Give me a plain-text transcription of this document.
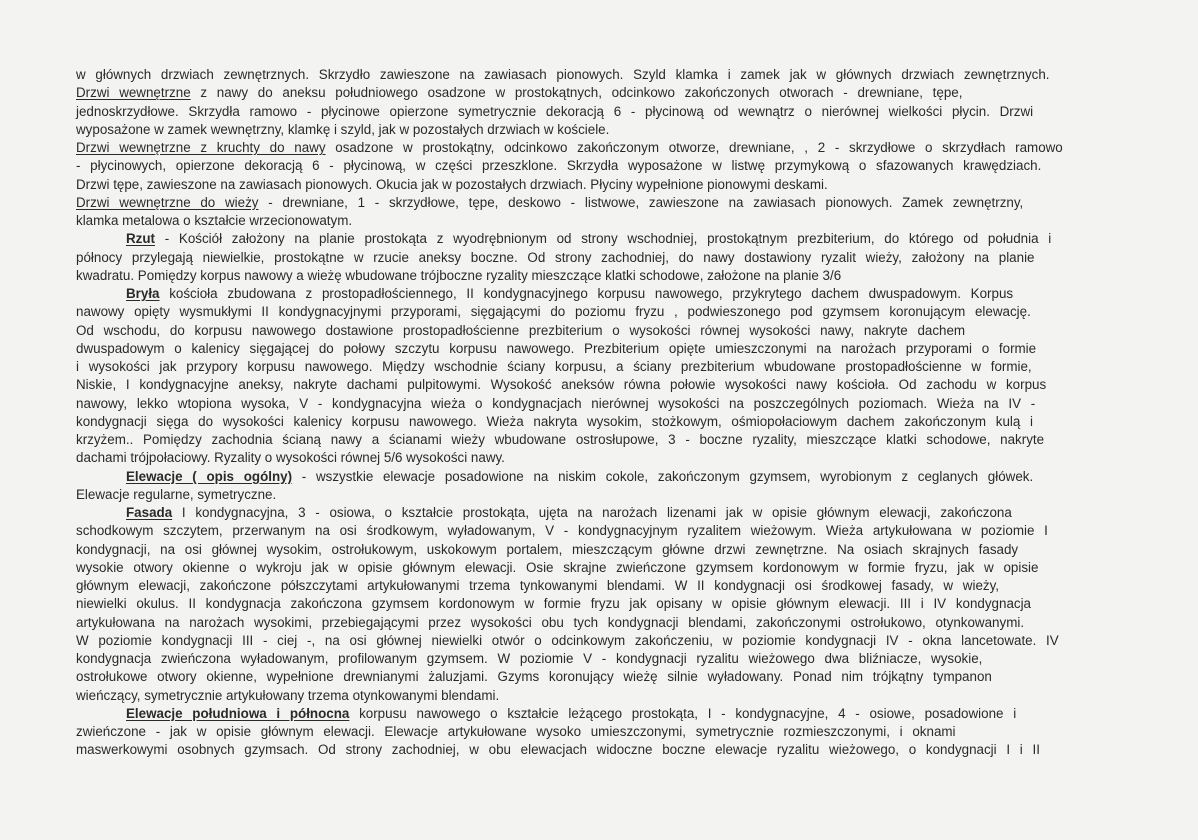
w głównych drzwiach zewnętrznych. Skrzydło zawieszone na zawiasach pionowych. Szyld klamka i zamek jak w głównych drzwiach zewnętrznych.
Drzwi wewnętrzne z nawy do aneksu południowego osadzone w prostokątnych, odcinkowo zakończonych otworach - drewniane, tępe,
jednoskrzydłowe. Skrzydła ramowo - płycinowe opierzone symetrycznie dekoracją 6 - płycinową od wewnątrz o nierównej wielkości płycin. Drzwi
wyposażone w zamek wewnętrzny, klamkę i szyld, jak w pozostałych drzwiach w kościele.
Drzwi wewnętrzne z kruchty do nawy osadzone w prostokątny, odcinkowo zakończonym otworze, drewniane, , 2 - skrzydłowe o skrzydłach ramowo
- płycinowych, opierzone dekoracją 6 - płycinową, w części przeszklone. Skrzydła wyposażone w listwę przymykową o sfazowanych krawędziach.
Drzwi tępe, zawieszone na zawiasach pionowych. Okucia jak w pozostałych drzwiach. Płyciny wypełnione pionowymi deskami.
Drzwi wewnętrzne do wieży - drewniane, 1 - skrzydłowe, tępe, deskowo - listwowe, zawieszone na zawiasach pionowych. Zamek zewnętrzny,
klamka metalowa o kształcie wrzecionowatym.
Rzut - Kościół założony na planie prostokąta z wyodrębnionym od strony wschodniej, prostokątnym prezbiterium, do którego od południa i
północy przylegają niewielkie, prostokątne w rzucie aneksy boczne. Od strony zachodniej, do nawy dostawiony ryzalit wieży, założony na planie
kwadratu. Pomiędzy korpus nawowy a wieżę wbudowane trójboczne ryzality mieszczące klatki schodowe, założone na planie 3/6
Bryła kościoła zbudowana z prostopadłościennego, II kondygnacyjnego korpusu nawowego, przykrytego dachem dwuspadowym. Korpus
nawowy opięty wysmukłymi II kondygnacyjnymi przyporami, sięgającymi do poziomu fryzu , podwieszonego pod gzymsem koronującym elewację.
Od wschodu, do korpusu nawowego dostawione prostopadłościenne prezbiterium o wysokości równej wysokości nawy, nakryte dachem
dwuspadowym o kalenicy sięgającej do połowy szczytu korpusu nawowego. Prezbiterium opięte umieszczonymi na narożach przyporami o formie
i wysokości jak przypory korpusu nawowego. Między wschodnie ściany korpusu, a ściany prezbiterium wbudowane prostopadłościenne w formie,
Niskie, I kondygnacyjne aneksy, nakryte dachami pulpitowymi. Wysokość aneksów równa połowie wysokości nawy kościoła. Od zachodu w korpus
nawowy, lekko wtopiona wysoka, V - kondygnacyjna wieża o kondygnacjach nierównej wysokości na poszczególnych poziomach. Wieża na IV -
kondygnacji sięga do wysokości kalenicy korpusu nawowego. Wieża nakryta wysokim, stożkowym, ośmiopołaciowym dachem zakończonym kulą i
krzyżem.. Pomiędzy zachodnia ścianą nawy a ścianami wieży wbudowane ostrosłupowe, 3 - boczne ryzality, mieszczące klatki schodowe, nakryte
dachami trójpołaciowy. Ryzality o wysokości równej 5/6 wysokości nawy.
Elewacje ( opis ogólny) - wszystkie elewacje posadowione na niskim cokole, zakończonym gzymsem, wyrobionym z ceglanych główek.
Elewacje regularne, symetryczne.
Fasada I kondygnacyjna, 3 - osiowa, o kształcie prostokąta, ujęta na narożach lizenami jak w opisie głównym elewacji, zakończona
schodkowym szczytem, przerwanym na osi środkowym, wyładowanym, V - kondygnacyjnym ryzalitem wieżowym. Wieża artykułowana w poziomie I
kondygnacji, na osi głównej wysokim, ostrołukowym, uskokowym portalem, mieszczącym główne drzwi zewnętrzne. Na osiach skrajnych fasady
wysokie otwory okienne o wykroju jak w opisie głównym elewacji. Osie skrajne zwieńczone gzymsem kordonowym w formie fryzu, jak w opisie
głównym elewacji, zakończone półszczytami artykułowanymi trzema tynkowanymi blendami. W II kondygnacji osi środkowej fasady, w wieży,
niewielki okulus. II kondygnacja zakończona gzymsem kordonowym w formie fryzu jak opisany w opisie głównym elewacji. III i IV kondygnacja
artykułowana na narożach wysokimi, przebiegającymi przez wysokości obu tych kondygnacji blendami, zakończonymi ostrołukowo, otynkowanymi.
W poziomie kondygnacji III - ciej -, na osi głównej niewielki otwór o odcinkowym zakończeniu, w poziomie kondygnacji IV - okna lancetowate. IV
kondygnacja zwieńczona wyładowanym, profilowanym gzymsem. W poziomie V - kondygnacji ryzalitu wieżowego dwa bliźniacze, wysokie,
ostrołukowe otwory okienne, wypełnione drewnianymi żaluzjami. Gzyms koronujący wieżę silnie wyładowany. Ponad nim trójkątny tympanon
wieńczący, symetrycznie artykułowany trzema otynkowanymi blendami.
Elewacje południowa i północna korpusu nawowego o kształcie leżącego prostokąta, I - kondygnacyjne, 4 - osiowe, posadowione i
zwieńczone - jak w opisie głównym elewacji. Elewacje artykułowane wysoko umieszczonymi, symetrycznie rozmieszczonymi, i oknami
maswerkowymi osobnych gzymsach. Od strony zachodniej, w obu elewacjach widoczne boczne elewacje ryzalitu wieżowego, o kondygnacji I i II
